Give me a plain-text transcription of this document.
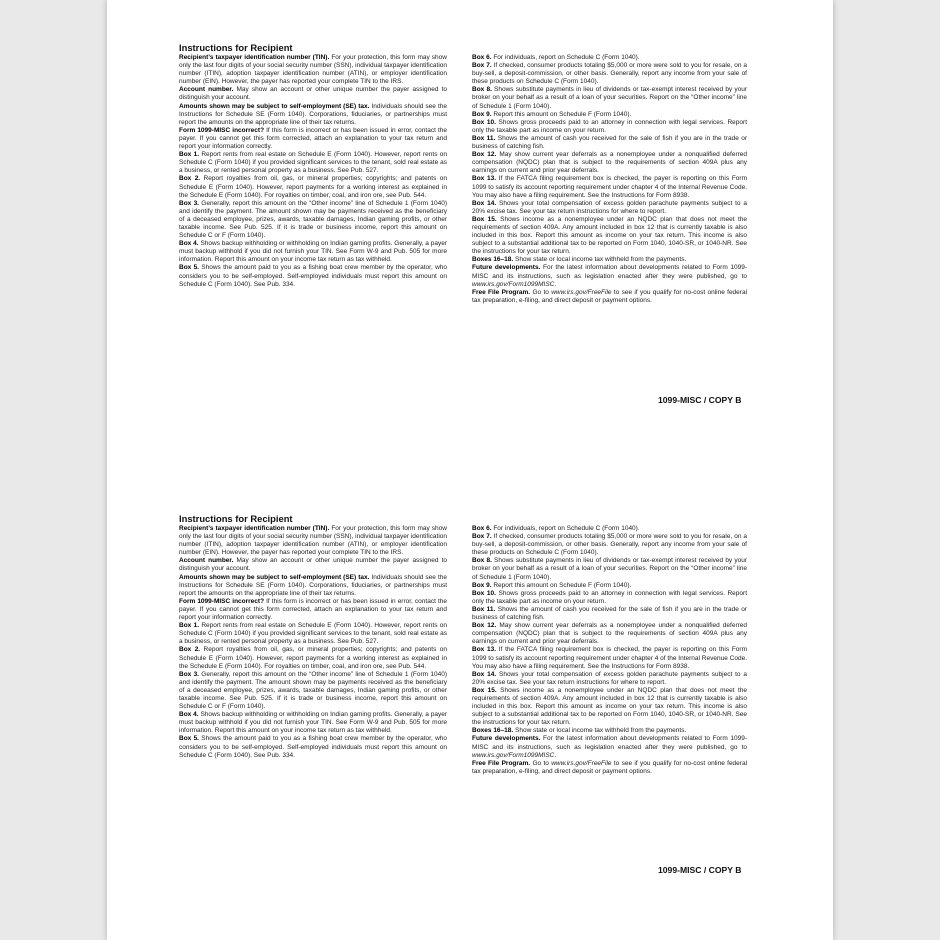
Instructions for Recipient

Recipient’s taxpayer identification number (TIN). For your protection, this form may show only the last four digits of your social security number (SSN), individual taxpayer identification number (ITIN), adoption taxpayer identification number (ATIN), or employer identification number (EIN). However, the payer has reported your complete TIN to the IRS.

Account number. May show an account or other unique number the payer assigned to distinguish your account.

Amounts shown may be subject to self-employment (SE) tax. Individuals should see the Instructions for Schedule SE (Form 1040). Corporations, fiduciaries, or partnerships must report the amounts on the appropriate line of their tax returns.

Form 1099-MISC incorrect? If this form is incorrect or has been issued in error, contact the payer. If you cannot get this form corrected, attach an explanation to your tax return and report your information correctly.

Box 1. Report rents from real estate on Schedule E (Form 1040). However, report rents on Schedule C (Form 1040) if you provided significant services to the tenant, sold real estate as a business, or rented personal property as a business. See Pub. 527.

Box 2. Report royalties from oil, gas, or mineral properties; copyrights; and patents on Schedule E (Form 1040). However, report payments for a working interest as explained in the Schedule E (Form 1040). For royalties on timber, coal, and iron ore, see Pub. 544.

Box 3. Generally, report this amount on the “Other income” line of Schedule 1 (Form 1040) and identify the payment. The amount shown may be payments received as the beneficiary of a deceased employee, prizes, awards, taxable damages, Indian gaming profits, or other taxable income. See Pub. 525. If it is trade or business income, report this amount on Schedule C or F (Form 1040).

Box 4. Shows backup withholding or withholding on Indian gaming profits. Generally, a payer must backup withhold if you did not furnish your TIN. See Form W-9 and Pub. 505 for more information. Report this amount on your income tax return as tax withheld.

Box 5. Shows the amount paid to you as a fishing boat crew member by the operator, who considers you to be self-employed. Self-employed individuals must report this amount on Schedule C (Form 1040). See Pub. 334.

Box 6. For individuals, report on Schedule C (Form 1040).

Box 7. If checked, consumer products totaling $5,000 or more were sold to you for resale, on a buy-sell, a deposit-commission, or other basis. Generally, report any income from your sale of these products on Schedule C (Form 1040).

Box 8. Shows substitute payments in lieu of dividends or tax-exempt interest received by your broker on your behalf as a result of a loan of your securities. Report on the “Other income” line of Schedule 1 (Form 1040).

Box 9. Report this amount on Schedule F (Form 1040).

Box 10. Shows gross proceeds paid to an attorney in connection with legal services. Report only the taxable part as income on your return.

Box 11. Shows the amount of cash you received for the sale of fish if you are in the trade or business of catching fish.

Box 12. May show current year deferrals as a nonemployee under a nonqualified deferred compensation (NQDC) plan that is subject to the requirements of section 409A plus any earnings on current and prior year deferrals.

Box 13. If the FATCA filing requirement box is checked, the payer is reporting on this Form 1099 to satisfy its account reporting requirement under chapter 4 of the Internal Revenue Code. You may also have a filing requirement. See the Instructions for Form 8938.

Box 14. Shows your total compensation of excess golden parachute payments subject to a 20% excise tax. See your tax return instructions for where to report.

Box 15. Shows income as a nonemployee under an NQDC plan that does not meet the requirements of section 409A. Any amount included in box 12 that is currently taxable is also included in this box. Report this amount as income on your tax return. This income is also subject to a substantial additional tax to be reported on Form 1040, 1040-SR, or 1040-NR. See the instructions for your tax return.

Boxes 16–18. Show state or local income tax withheld from the payments.

Future developments. For the latest information about developments related to Form 1099-MISC and its instructions, such as legislation enacted after they were published, go to www.irs.gov/Form1099MISC.

Free File Program. Go to www.irs.gov/FreeFile to see if you qualify for no-cost online federal tax preparation, e-filing, and direct deposit or payment options.

1099-MISC / COPY B
Instructions for Recipient

Recipient’s taxpayer identification number (TIN). For your protection, this form may show only the last four digits of your social security number (SSN), individual taxpayer identification number (ITIN), adoption taxpayer identification number (ATIN), or employer identification number (EIN). However, the payer has reported your complete TIN to the IRS.

Account number. May show an account or other unique number the payer assigned to distinguish your account.

Amounts shown may be subject to self-employment (SE) tax. Individuals should see the Instructions for Schedule SE (Form 1040). Corporations, fiduciaries, or partnerships must report the amounts on the appropriate line of their tax returns.

Form 1099-MISC incorrect? If this form is incorrect or has been issued in error, contact the payer. If you cannot get this form corrected, attach an explanation to your tax return and report your information correctly.

Box 1. Report rents from real estate on Schedule E (Form 1040). However, report rents on Schedule C (Form 1040) if you provided significant services to the tenant, sold real estate as a business, or rented personal property as a business. See Pub. 527.

Box 2. Report royalties from oil, gas, or mineral properties; copyrights; and patents on Schedule E (Form 1040). However, report payments for a working interest as explained in the Schedule E (Form 1040). For royalties on timber, coal, and iron ore, see Pub. 544.

Box 3. Generally, report this amount on the “Other income” line of Schedule 1 (Form 1040) and identify the payment. The amount shown may be payments received as the beneficiary of a deceased employee, prizes, awards, taxable damages, Indian gaming profits, or other taxable income. See Pub. 525. If it is trade or business income, report this amount on Schedule C or F (Form 1040).

Box 4. Shows backup withholding or withholding on Indian gaming profits. Generally, a payer must backup withhold if you did not furnish your TIN. See Form W-9 and Pub. 505 for more information. Report this amount on your income tax return as tax withheld.

Box 5. Shows the amount paid to you as a fishing boat crew member by the operator, who considers you to be self-employed. Self-employed individuals must report this amount on Schedule C (Form 1040). See Pub. 334.

Box 6. For individuals, report on Schedule C (Form 1040).

Box 7. If checked, consumer products totaling $5,000 or more were sold to you for resale, on a buy-sell, a deposit-commission, or other basis. Generally, report any income from your sale of these products on Schedule C (Form 1040).

Box 8. Shows substitute payments in lieu of dividends or tax-exempt interest received by your broker on your behalf as a result of a loan of your securities. Report on the “Other income” line of Schedule 1 (Form 1040).

Box 9. Report this amount on Schedule F (Form 1040).

Box 10. Shows gross proceeds paid to an attorney in connection with legal services. Report only the taxable part as income on your return.

Box 11. Shows the amount of cash you received for the sale of fish if you are in the trade or business of catching fish.

Box 12. May show current year deferrals as a nonemployee under a nonqualified deferred compensation (NQDC) plan that is subject to the requirements of section 409A plus any earnings on current and prior year deferrals.

Box 13. If the FATCA filing requirement box is checked, the payer is reporting on this Form 1099 to satisfy its account reporting requirement under chapter 4 of the Internal Revenue Code. You may also have a filing requirement. See the Instructions for Form 8938.

Box 14. Shows your total compensation of excess golden parachute payments subject to a 20% excise tax. See your tax return instructions for where to report.

Box 15. Shows income as a nonemployee under an NQDC plan that does not meet the requirements of section 409A. Any amount included in box 12 that is currently taxable is also included in this box. Report this amount as income on your tax return. This income is also subject to a substantial additional tax to be reported on Form 1040, 1040-SR, or 1040-NR. See the instructions for your tax return.

Boxes 16–18. Show state or local income tax withheld from the payments.

Future developments. For the latest information about developments related to Form 1099-MISC and its instructions, such as legislation enacted after they were published, go to www.irs.gov/Form1099MISC.

Free File Program. Go to www.irs.gov/FreeFile to see if you qualify for no-cost online federal tax preparation, e-filing, and direct deposit or payment options.

1099-MISC / COPY B
